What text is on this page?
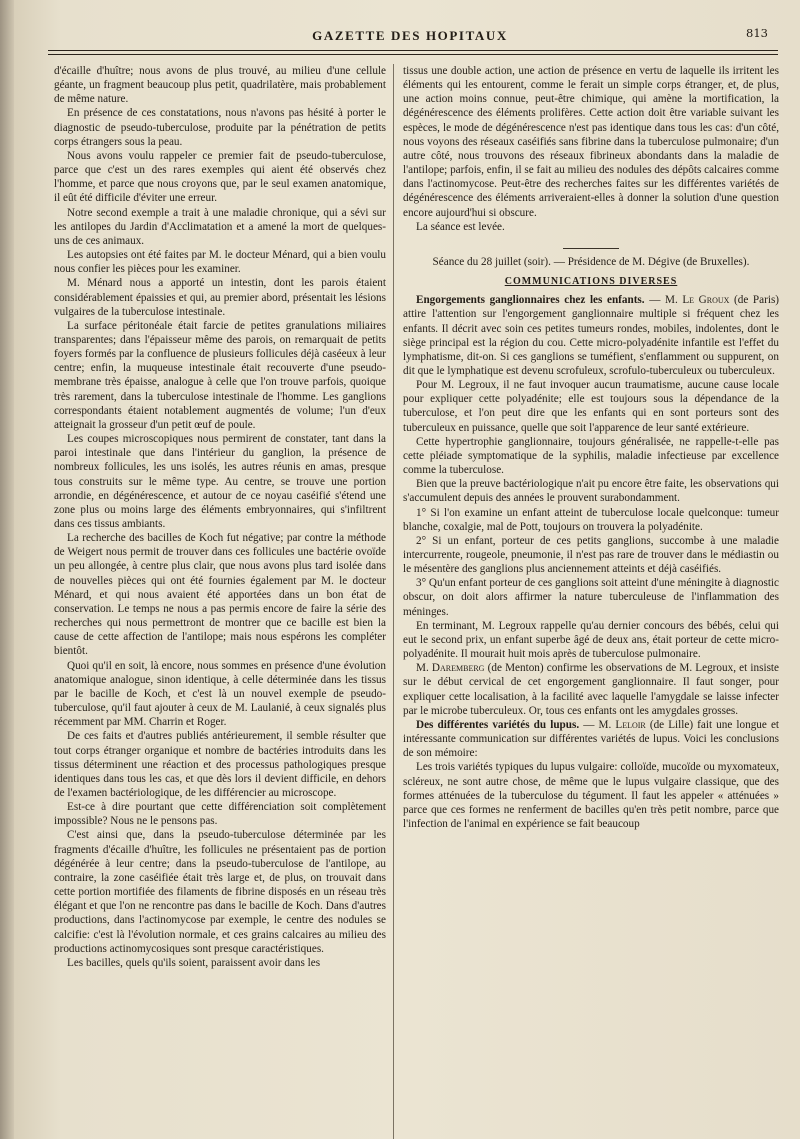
GAZETTE DES HOPITAUX	813

d'écaille d'huître; nous avons de plus trouvé, au milieu d'une cellule géante, un fragment beaucoup plus petit, quadrilatère, mais probablement de même nature.

En présence de ces constatations, nous n'avons pas hésité à porter le diagnostic de pseudo-tuberculose, produite par la pénétration de petits corps étrangers sous la peau.

Nous avons voulu rappeler ce premier fait de pseudo-tuberculose, parce que c'est un des rares exemples qui aient été observés chez l'homme, et parce que nous croyons que, par le seul examen anatomique, il eût été difficile d'éviter une erreur.

Notre second exemple a trait à une maladie chronique, qui a sévi sur les antilopes du Jardin d'Acclimatation et a amené la mort de quelques-uns de ces animaux.

Les autopsies ont été faites par M. le docteur Ménard, qui a bien voulu nous confier les pièces pour les examiner.

M. Ménard nous a apporté un intestin, dont les parois étaient considérablement épaissies et qui, au premier abord, présentait les lésions vulgaires de la tuberculose intestinale.

La surface péritonéale était farcie de petites granulations miliaires transparentes; dans l'épaisseur même des parois, on remarquait de petits foyers formés par la confluence de plusieurs follicules déjà caséeux à leur centre; enfin, la muqueuse intestinale était recouverte d'une pseudo-membrane très épaisse, analogue à celle que l'on trouve parfois, quoique très rarement, dans la tuberculose intestinale de l'homme. Les ganglions correspondants étaient notablement augmentés de volume; l'un d'eux atteignait la grosseur d'un petit œuf de poule.

Les coupes microscopiques nous permirent de constater, tant dans la paroi intestinale que dans l'intérieur du ganglion, la présence de nombreux follicules, les uns isolés, les autres réunis en amas, presque tous construits sur le même type. Au centre, se trouve une portion arrondie, en dégénérescence, et autour de ce noyau caséifié s'étend une zone plus ou moins large des éléments embryonnaires, qui s'infiltrent dans ces tissus ambiants.

La recherche des bacilles de Koch fut négative; par contre la méthode de Weigert nous permit de trouver dans ces follicules une bactérie ovoïde un peu allongée, à centre plus clair, que nous avons plus tard isolée dans de nouvelles pièces qui ont été fournies également par M. le docteur Ménard, et qui nous avaient été apportées dans un bon état de conservation. Le temps ne nous a pas permis encore de faire la série des recherches qui nous permettront de montrer que ce bacille est bien la cause de cette affection de l'antilope; mais nous espérons les compléter bientôt.

Quoi qu'il en soit, là encore, nous sommes en présence d'une évolution anatomique analogue, sinon identique, à celle déterminée dans les tissus par le bacille de Koch, et c'est là un nouvel exemple de pseudo-tuberculose, qu'il faut ajouter à ceux de M. Laulanié, à ceux signalés plus récemment par MM. Charrin et Roger.

De ces faits et d'autres publiés antérieurement, il semble résulter que tout corps étranger organique et nombre de bactéries introduits dans les tissus déterminent une réaction et des processus pathologiques presque identiques dans tous les cas, et que dès lors il devient difficile, en dehors de l'examen bactériologique, de les différencier au microscope.

Est-ce à dire pourtant que cette différenciation soit complètement impossible? Nous ne le pensons pas.

C'est ainsi que, dans la pseudo-tuberculose déterminée par les fragments d'écaille d'huître, les follicules ne présentaient pas de portion dégénérée à leur centre; dans la pseudo-tuberculose de l'antilope, au contraire, la zone caséifiée était très large et, de plus, on trouvait dans cette portion mortifiée des filaments de fibrine disposés en un réseau très élégant et que l'on ne rencontre pas dans le bacille de Koch. Dans d'autres productions, dans l'actinomycose par exemple, le centre des nodules se calcifie: c'est là l'évolution normale, et ces grains calcaires au milieu des productions actinomycosiques sont presque caractéristiques.

Les bacilles, quels qu'ils soient, paraissent avoir dans les

tissus une double action, une action de présence en vertu de laquelle ils irritent les éléments qui les entourent, comme le ferait un simple corps étranger, et, de plus, une action moins connue, peut-être chimique, qui amène la mortification, la dégénérescence des éléments prolifères. Cette action doit être variable suivant les espèces, le mode de dégénérescence n'est pas identique dans tous les cas: d'un côté, nous voyons des réseaux caséifiés sans fibrine dans la tuberculose pulmonaire; d'un autre côté, nous trouvons des réseaux fibrineux abondants dans la maladie de l'antilope; parfois, enfin, il se fait au milieu des nodules des dépôts calcaires comme dans l'actinomycose. Peut-être des recherches faites sur les différentes variétés de dégénérescence des éléments arriveraient-elles à donner la solution d'une question encore aujourd'hui si obscure.

La séance est levée.

Séance du 28 juillet (soir). — Présidence de M. Dégive (de Bruxelles).

COMMUNICATIONS DIVERSES

Engorgements ganglionnaires chez les enfants. — M. Le Groux (de Paris) attire l'attention sur l'engorgement ganglionnaire multiple si fréquent chez les enfants. Il décrit avec soin ces petites tumeurs rondes, mobiles, indolentes, dont le siège principal est la région du cou. Cette micro-polyadénite infantile est l'effet du lymphatisme, dit-on. Si ces ganglions se tuméfient, s'enflamment ou suppurent, on dit que le lymphatique est devenu scrofuleux, scrofulo-tuberculeux ou tuberculeux.

Pour M. Legroux, il ne faut invoquer aucun traumatisme, aucune cause locale pour expliquer cette polyadénite; elle est toujours sous la dépendance de la tuberculose, et l'on peut dire que les enfants qui en sont porteurs sont des tuberculeux en puissance, quelle que soit l'apparence de leur santé extérieure.

Cette hypertrophie ganglionnaire, toujours généralisée, ne rappelle-t-elle pas cette pléiade symptomatique de la syphilis, maladie infectieuse par excellence comme la tuberculose.

Bien que la preuve bactériologique n'ait pu encore être faite, les observations qui s'accumulent depuis des années le prouvent surabondamment.

1° Si l'on examine un enfant atteint de tuberculose locale quelconque: tumeur blanche, coxalgie, mal de Pott, toujours on trouvera la polyadénite.

2° Si un enfant, porteur de ces petits ganglions, succombe à une maladie intercurrente, rougeole, pneumonie, il n'est pas rare de trouver dans le médiastin ou le mésentère des ganglions plus anciennement atteints et déjà caséifiés.

3° Qu'un enfant porteur de ces ganglions soit atteint d'une méningite à diagnostic obscur, on doit alors affirmer la nature tuberculeuse de l'inflammation des méninges.

En terminant, M. Legroux rappelle qu'au dernier concours des bébés, celui qui eut le second prix, un enfant superbe âgé de deux ans, était porteur de cette micro-polyadénite. Il mourait huit mois après de tuberculose pulmonaire.

M. Daremberg (de Menton) confirme les observations de M. Legroux, et insiste sur le début cervical de cet engorgement ganglionnaire. Il faut songer, pour expliquer cette localisation, à la facilité avec laquelle l'amygdale se laisse infecter par le microbe tuberculeux. Or, tous ces enfants ont les amygdales grosses.

Des différentes variétés du lupus. — M. Leloir (de Lille) fait une longue et intéressante communication sur différentes variétés de lupus. Voici les conclusions de son mémoire:

Les trois variétés typiques du lupus vulgaire: colloïde, mucoïde ou myxomateux, scléreux, ne sont autre chose, de même que le lupus vulgaire classique, que des formes atténuées de la tuberculose du tégument. Il faut les appeler « atténuées » parce que ces formes ne renferment de bacilles qu'en très petit nombre, parce que l'infection de l'animal en expérience se fait beaucoup
